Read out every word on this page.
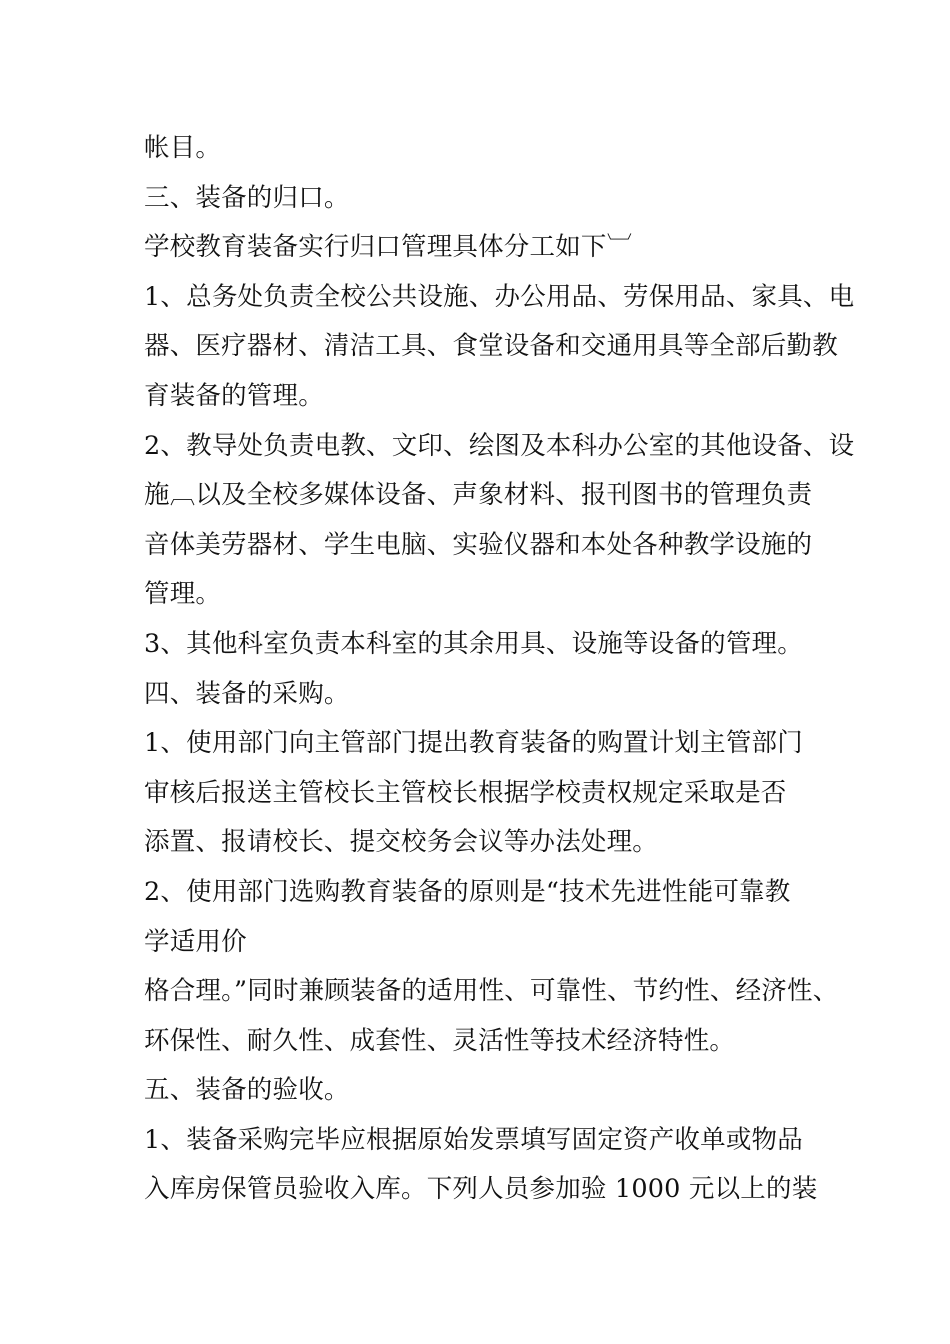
帐目。
三、装备的归口。
学校教育装备实行归口管理具体分工如下︺
1、总务处负责全校公共设施、办公用品、劳保用品、家具、电
器、医疗器材、清洁工具、食堂设备和交通用具等全部后勤教
育装备的管理。
2、教导处负责电教、文印、绘图及本科办公室的其他设备、设
施︹以及全校多媒体设备、声象材料、报刊图书的管理负责
音体美劳器材、学生电脑、实验仪器和本处各种教学设施的
管理。
3、其他科室负责本科室的其余用具、设施等设备的管理。
四、装备的采购。
1、使用部门向主管部门提出教育装备的购置计划主管部门
审核后报送主管校长主管校长根据学校责权规定采取是否
添置、报请校长、提交校务会议等办法处理。
2、使用部门选购教育装备的原则是“技术先进性能可靠教
学适用价
格合理。”同时兼顾装备的适用性、可靠性、节约性、经济性、
环保性、耐久性、成套性、灵活性等技术经济特性。
五、装备的验收。
1、装备采购完毕应根据原始发票填写固定资产收单或物品
入库房保管员验收入库。下列人员参加验 1000 元以上的装
